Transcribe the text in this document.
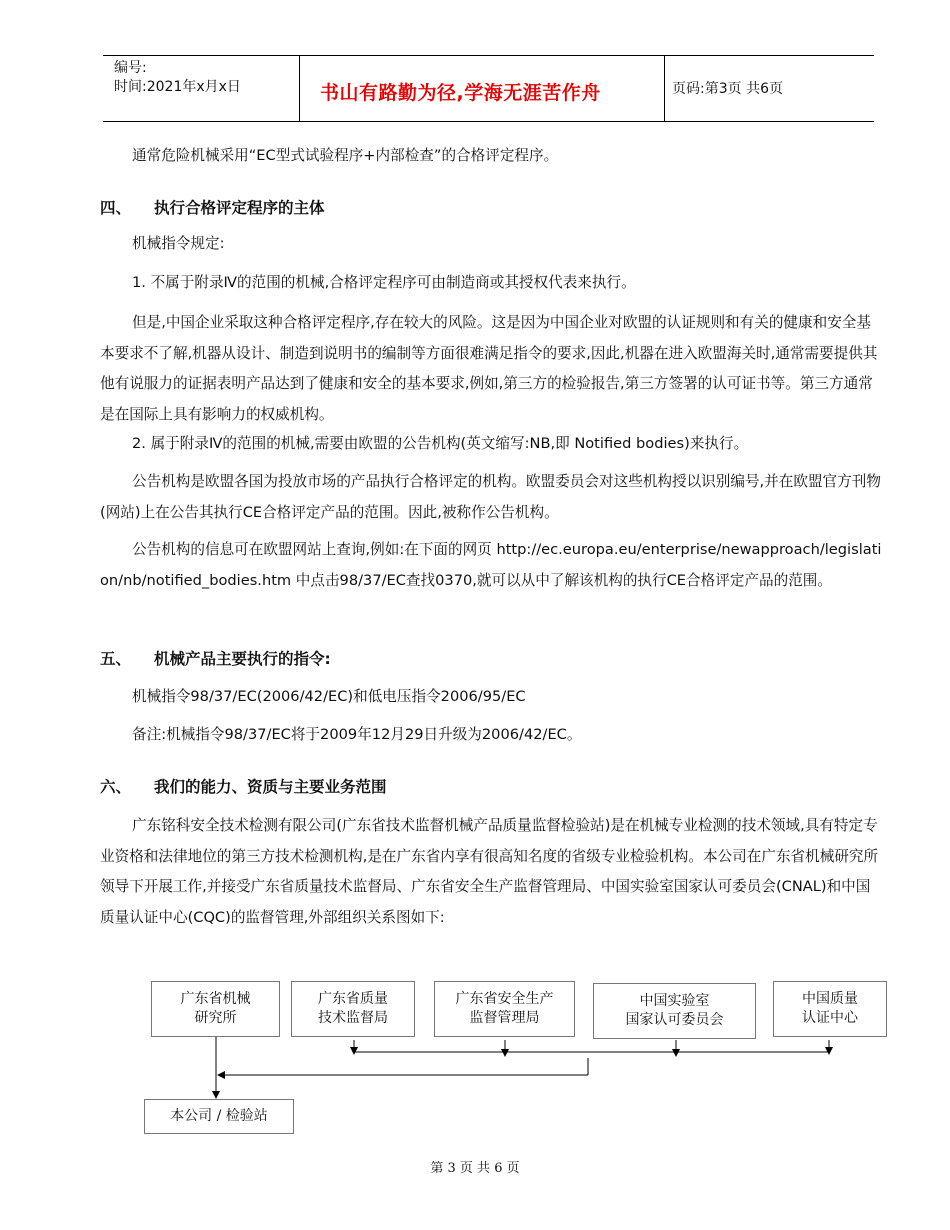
编号:
时间:2021年x月x日	书山有路勤为径,学海无涯苦作舟	页码:第3页 共6页

通常危险机械采用“EC型式试验程序+内部检查”的合格评定程序。

四、 执行合格评定程序的主体

机械指令规定:

1. 不属于附录Ⅳ的范围的机械,合格评定程序可由制造商或其授权代表来执行。

但是,中国企业采取这种合格评定程序,存在较大的风险。这是因为中国企业对欧盟的认证规则和有关的健康和安全基本要求不了解,机器从设计、制造到说明书的编制等方面很难满足指令的要求,因此,机器在进入欧盟海关时,通常需要提供其他有说服力的证据表明产品达到了健康和安全的基本要求,例如,第三方的检验报告,第三方签署的认可证书等。第三方通常是在国际上具有影响力的权威机构。

2. 属于附录Ⅳ的范围的机械,需要由欧盟的公告机构(英文缩写:NB,即 Notified bodies)来执行。

公告机构是欧盟各国为投放市场的产品执行合格评定的机构。欧盟委员会对这些机构授以识别编号,并在欧盟官方刊物(网站)上在公告其执行CE合格评定产品的范围。因此,被称作公告机构。

公告机构的信息可在欧盟网站上查询,例如:在下面的网页 http://ec.europa.eu/enterprise/newapproach/legislation/nb/notified_bodies.htm 中点击98/37/EC查找0370,就可以从中了解该机构的执行CE合格评定产品的范围。

五、 机械产品主要执行的指令:

机械指令98/37/EC(2006/42/EC)和低电压指令2006/95/EC

备注:机械指令98/37/EC将于2009年12月29日升级为2006/42/EC。

六、 我们的能力、资质与主要业务范围

广东铭科安全技术检测有限公司(广东省技术监督机械产品质量监督检验站)是在机械专业检测的技术领域,具有特定专业资格和法律地位的第三方技术检测机构,是在广东省内享有很高知名度的省级专业检验机构。本公司在广东省机械研究所领导下开展工作,并接受广东省质量技术监督局、广东省安全生产监督管理局、中国实验室国家认可委员会(CNAL)和中国质量认证中心(CQC)的监督管理,外部组织关系图如下:

广东省机械
研究所
广东省质量
技术监督局
广东省安全生产
监督管理局
中国实验室
国家认可委员会
中国质量
认证中心
本公司 / 检验站
第 3 页 共 6 页
